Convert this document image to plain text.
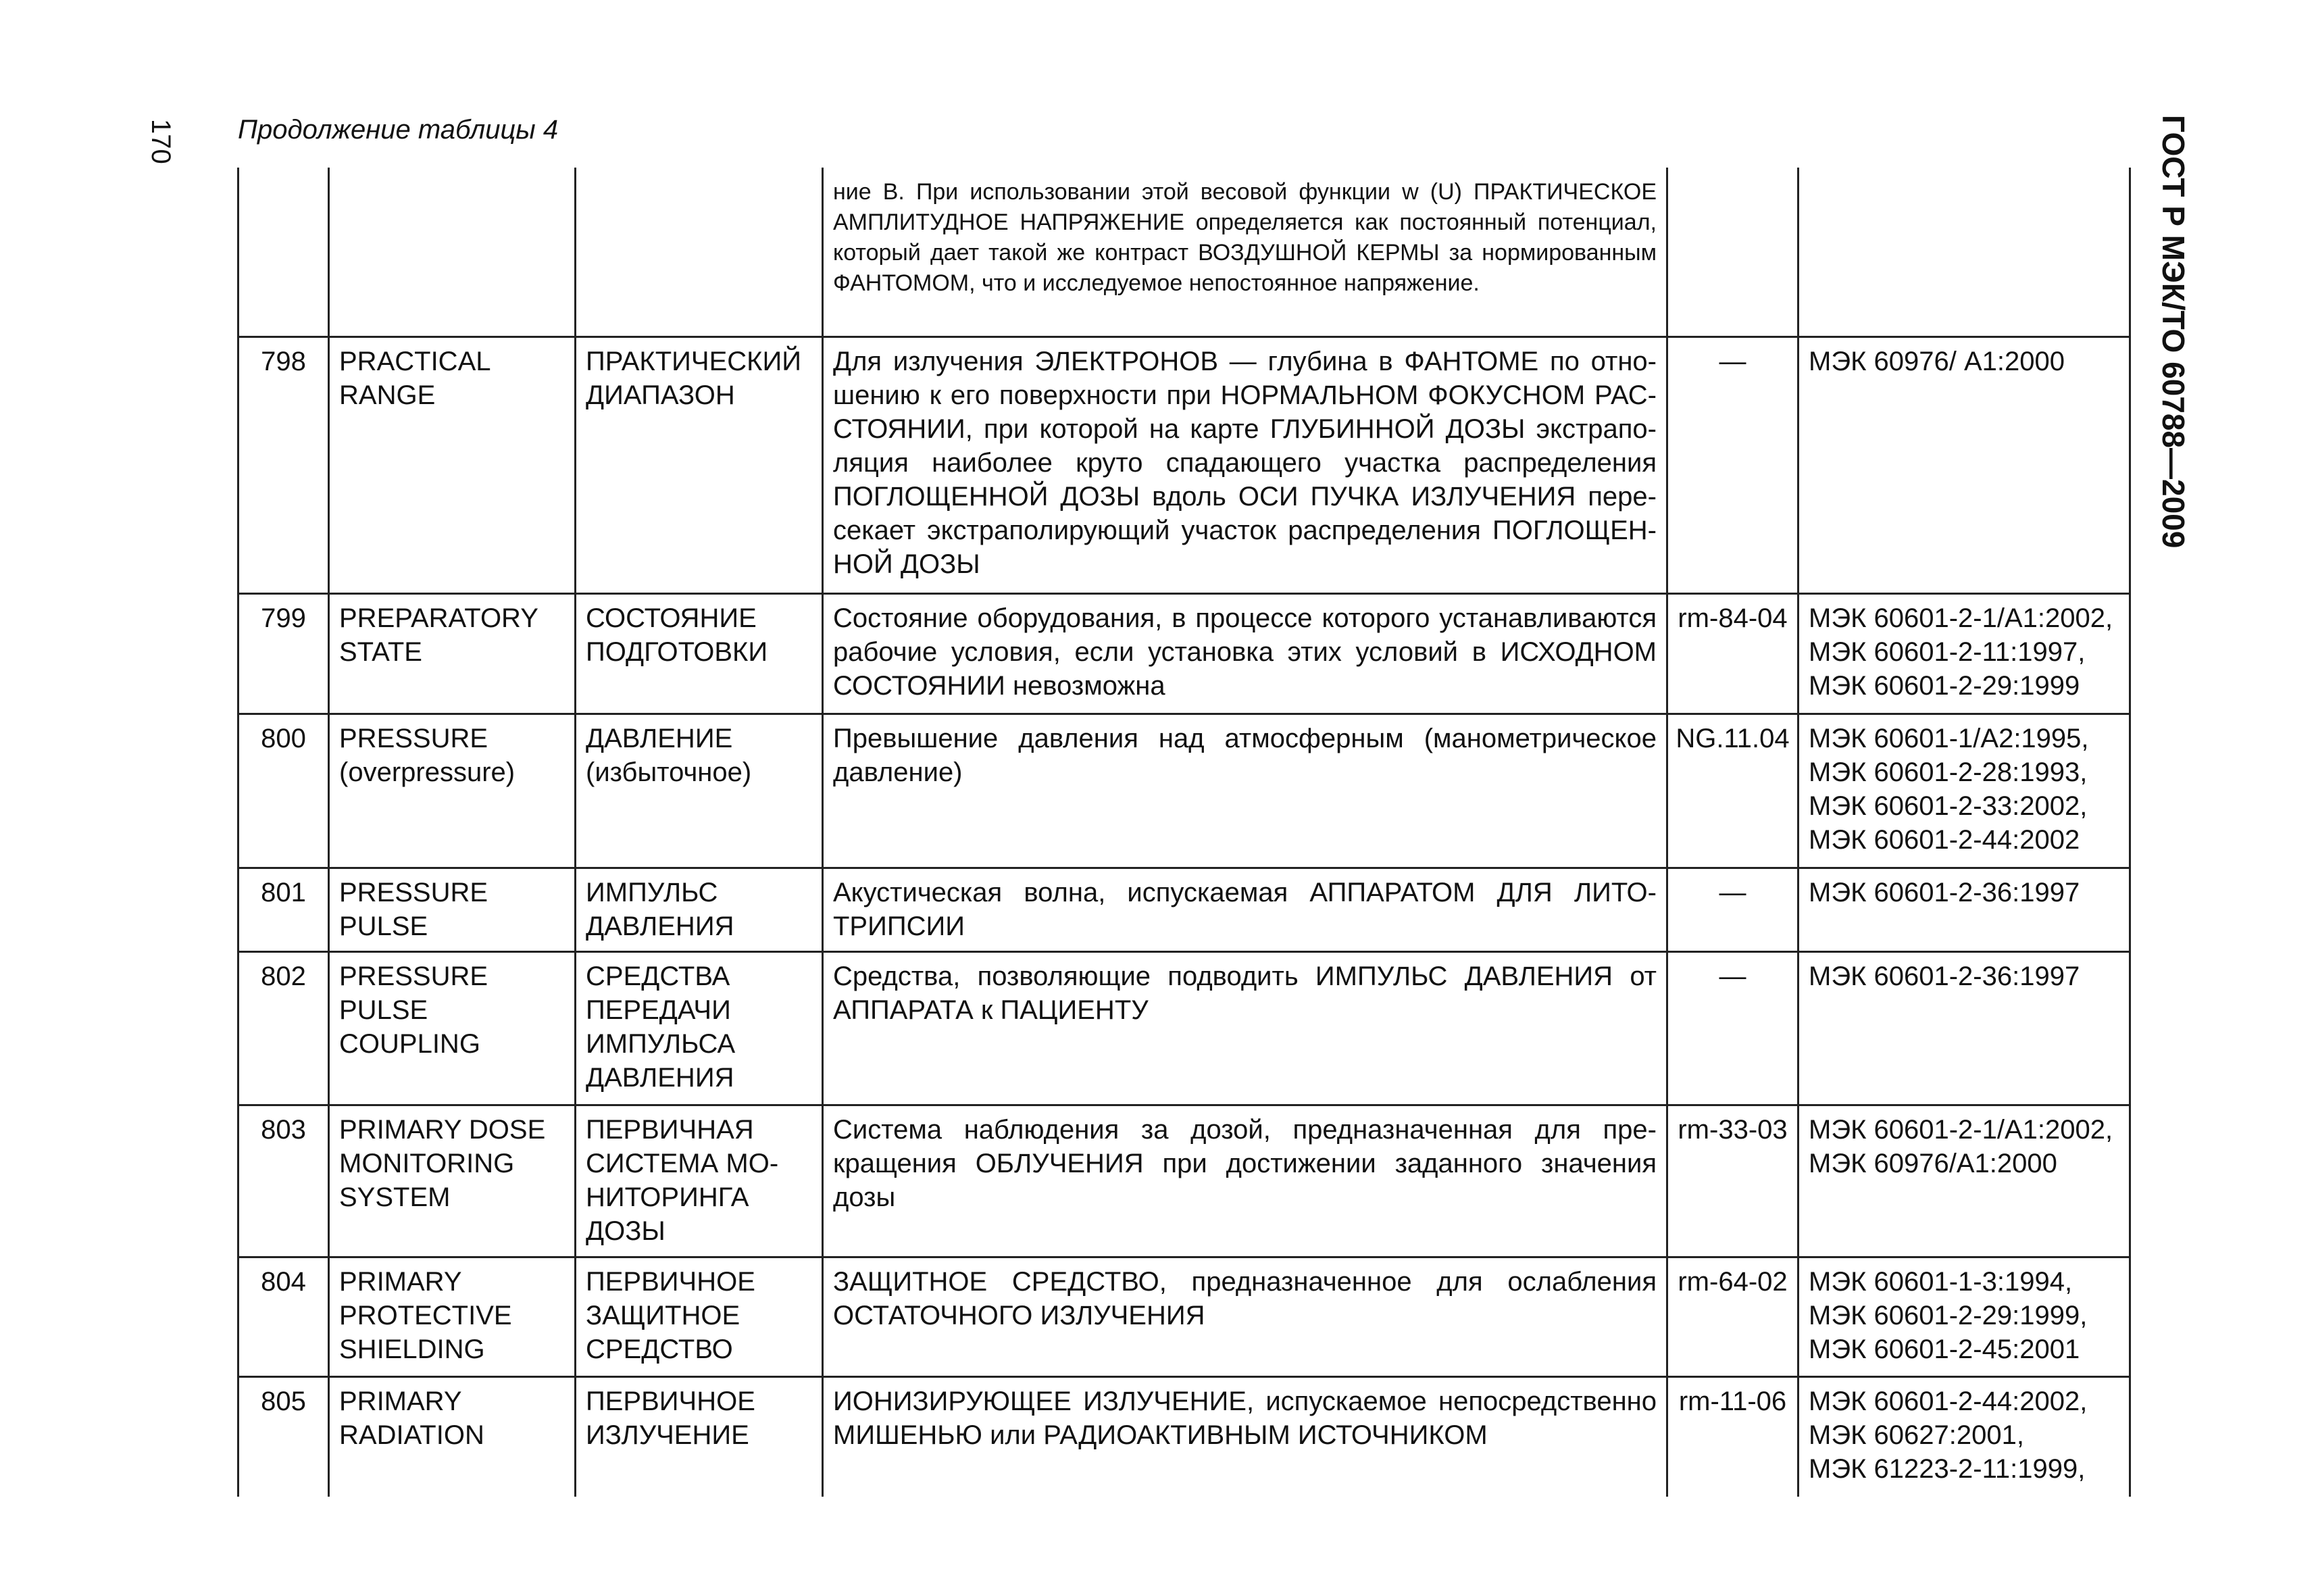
170 Продолжение таблицы 4	ГОСТ Р МЭК/ТО 60788—2009

			ние В. При использовании этой весовой функции w (U) ПРАКТИЧЕСКОЕ АМПЛИТУДНОЕ НАПРЯЖЕНИЕ определяется как постоянный потенциал, который дает такой же контраст ВОЗДУШНОЙ КЕРМЫ за нормированным ФАНТОМОМ, что и исследуемое непостоянное напряжение.		

798	PRACTICAL RANGE	ПРАКТИЧЕСКИЙ ДИАПАЗОН	Для излучения ЭЛЕКТРОНОВ — глубина в ФАНТОМЕ по отношению к его поверхности при НОРМАЛЬНОМ ФОКУСНОМ РАССТОЯНИИ, при которой на карте ГЛУБИННОЙ ДОЗЫ экстраполяция наиболее круто спадающего участка распределения ПОГЛОЩЕННОЙ ДОЗЫ вдоль ОСИ ПУЧКА ИЗЛУЧЕНИЯ пересекает экстраполирующий участок распределения ПОГЛОЩЕННОЙ ДОЗЫ	—	МЭК 60976/ А1:2000

799	PREPARATORY STATE	СОСТОЯНИЕ ПОДГОТОВКИ	Состояние оборудования, в процессе которого устанавливаются рабочие условия, если установка этих условий в ИСХОДНОМ СОСТОЯНИИ невозможна	rm-84-04	МЭК 60601-2-1/А1:2002,
МЭК 60601-2-11:1997,
МЭК 60601-2-29:1999

800	PRESSURE (overpressure)	ДАВЛЕНИЕ (избыточное)	Превышение давления над атмосферным (манометрическое давление)	NG.11.04	МЭК 60601-1/А2:1995,
МЭК 60601-2-28:1993,
МЭК 60601-2-33:2002,
МЭК 60601-2-44:2002

801	PRESSURE PULSE	ИМПУЛЬС ДАВЛЕНИЯ	Акустическая волна, испускаемая АППАРАТОМ ДЛЯ ЛИТОТРИПСИИ	—	МЭК 60601-2-36:1997

802	PRESSURE PULSE COUPLING	СРЕДСТВА ПЕРЕДАЧИ ИМПУЛЬСА ДАВЛЕНИЯ	Средства, позволяющие подводить ИМПУЛЬС ДАВЛЕНИЯ от АППАРАТА к ПАЦИЕНТУ	—	МЭК 60601-2-36:1997

803	PRIMARY DOSE MONITORING SYSTEM	ПЕРВИЧНАЯ СИСТЕМА МОНИТОРИНГА ДОЗЫ	Система наблюдения за дозой, предназначенная для прекращения ОБЛУЧЕНИЯ при достижении заданного значения дозы	rm-33-03	МЭК 60601-2-1/А1:2002,
МЭК 60976/А1:2000

804	PRIMARY PROTECTIVE SHIELDING	ПЕРВИЧНОЕ ЗАЩИТНОЕ СРЕДСТВО	ЗАЩИТНОЕ СРЕДСТВО, предназначенное для ослабления ОСТАТОЧНОГО ИЗЛУЧЕНИЯ	rm-64-02	МЭК 60601-1-3:1994,
МЭК 60601-2-29:1999,
МЭК 60601-2-45:2001

805	PRIMARY RADIATION	ПЕРВИЧНОЕ ИЗЛУЧЕНИЕ	ИОНИЗИРУЮЩЕЕ ИЗЛУЧЕНИЕ, испускаемое непосредственно МИШЕНЬЮ или РАДИОАКТИВНЫМ ИСТОЧНИКОМ	rm-11-06	МЭК 60601-2-44:2002,
МЭК 60627:2001,
МЭК 61223-2-11:1999,
